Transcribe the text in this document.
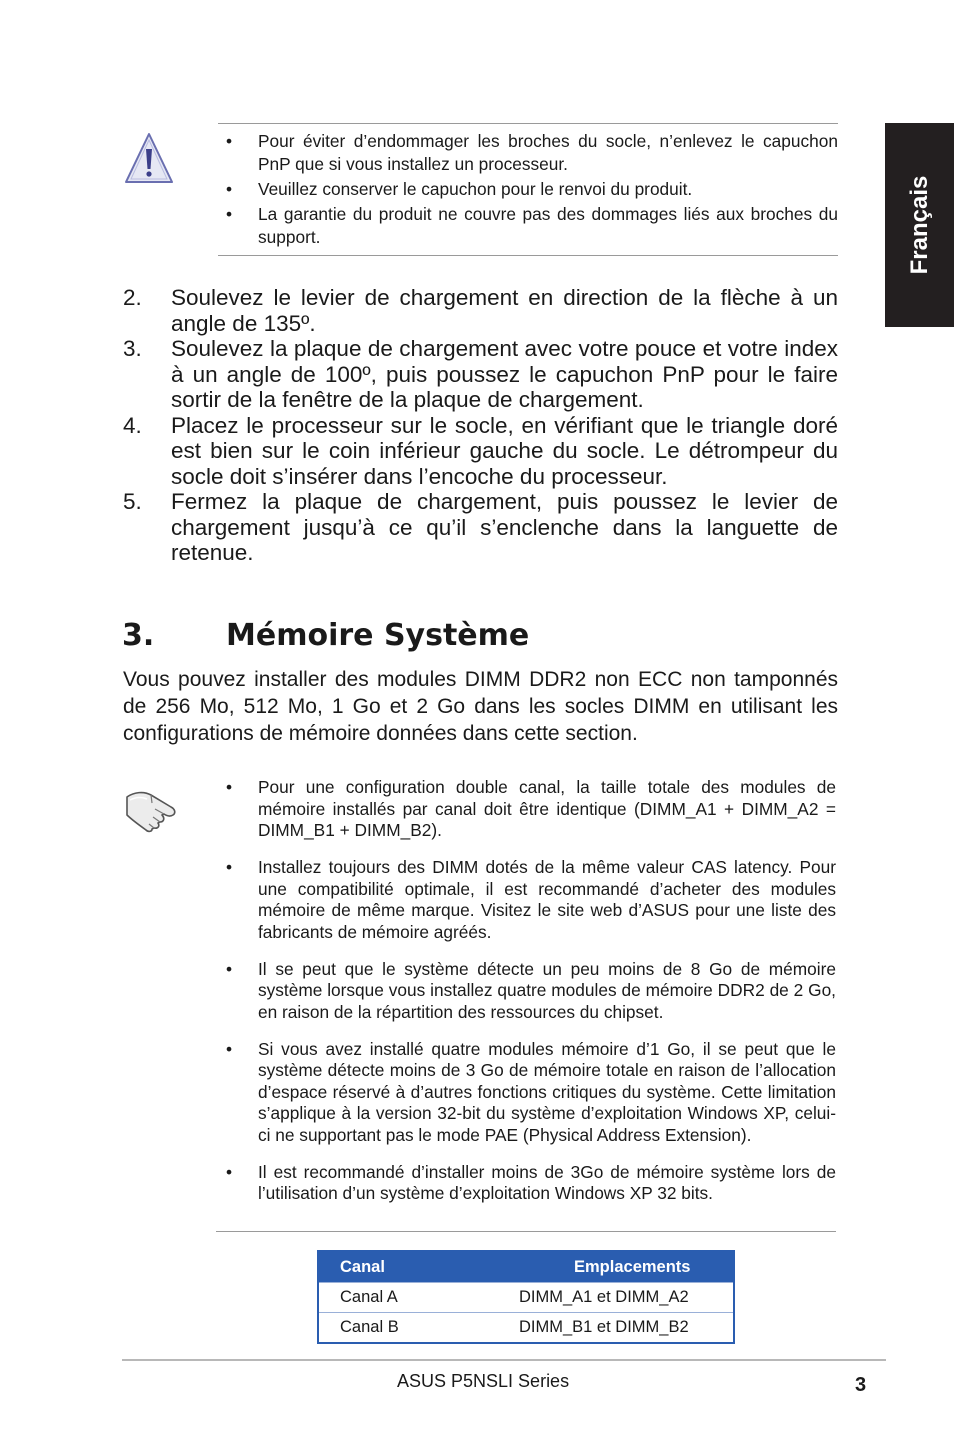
Français
• Pour éviter d’endommager les broches du socle, n’enlevez le capuchon PnP que si vous installez un processeur.
• Veuillez conserver le capuchon pour le renvoi du produit.
• La garantie du produit ne couvre pas des dommages liés aux broches du support.
2. Soulevez le levier de chargement en direction de la flèche à un angle de 135º.
3. Soulevez la plaque de chargement avec votre pouce et votre index à un angle de 100º, puis poussez le capuchon PnP pour le faire sortir de la fenêtre de la plaque de chargement.
4. Placez le processeur sur le socle, en vérifiant que le triangle doré est bien sur le coin inférieur gauche du socle. Le détrompeur du socle doit s’insérer dans l’encoche du processeur.
5. Fermez la plaque de chargement, puis poussez le levier de chargement jusqu’à ce qu’il s’enclenche dans la languette de retenue.
3. Mémoire Système
Vous pouvez installer des modules DIMM DDR2 non ECC non tamponnés de 256 Mo, 512 Mo, 1 Go et 2 Go dans les socles DIMM en utilisant les configurations de mémoire données dans cette section.
• Pour une configuration double canal, la taille totale des modules de mémoire installés par canal doit être identique (DIMM_A1 + DIMM_A2 = DIMM_B1 + DIMM_B2).
• Installez toujours des DIMM dotés de la même valeur CAS latency. Pour une compatibilité optimale, il est recommandé d’acheter des modules mémoire de même marque. Visitez le site web d’ASUS pour une liste des fabricants de mémoire agréés.
• Il se peut que le système détecte un peu moins de 8 Go de mémoire système lorsque vous installez quatre modules de mémoire DDR2 de 2 Go, en raison de la répartition des ressources du chipset.
• Si vous avez installé quatre modules mémoire d’1 Go, il se peut que le système détecte moins de 3 Go de mémoire totale en raison de l’allocation d’espace réservé à d’autres fonctions critiques du système. Cette limitation s’applique à la version 32-bit du système d’exploitation Windows XP, celui-ci ne supportant pas le mode PAE (Physical Address Extension).
• Il est recommandé d’installer moins de 3Go de mémoire système lors de l’utilisation d’un système d’exploitation Windows XP 32 bits.
Canal	Emplacements
Canal A	DIMM_A1 et DIMM_A2
Canal B	DIMM_B1 et DIMM_B2
ASUS P5NSLI Series	3
